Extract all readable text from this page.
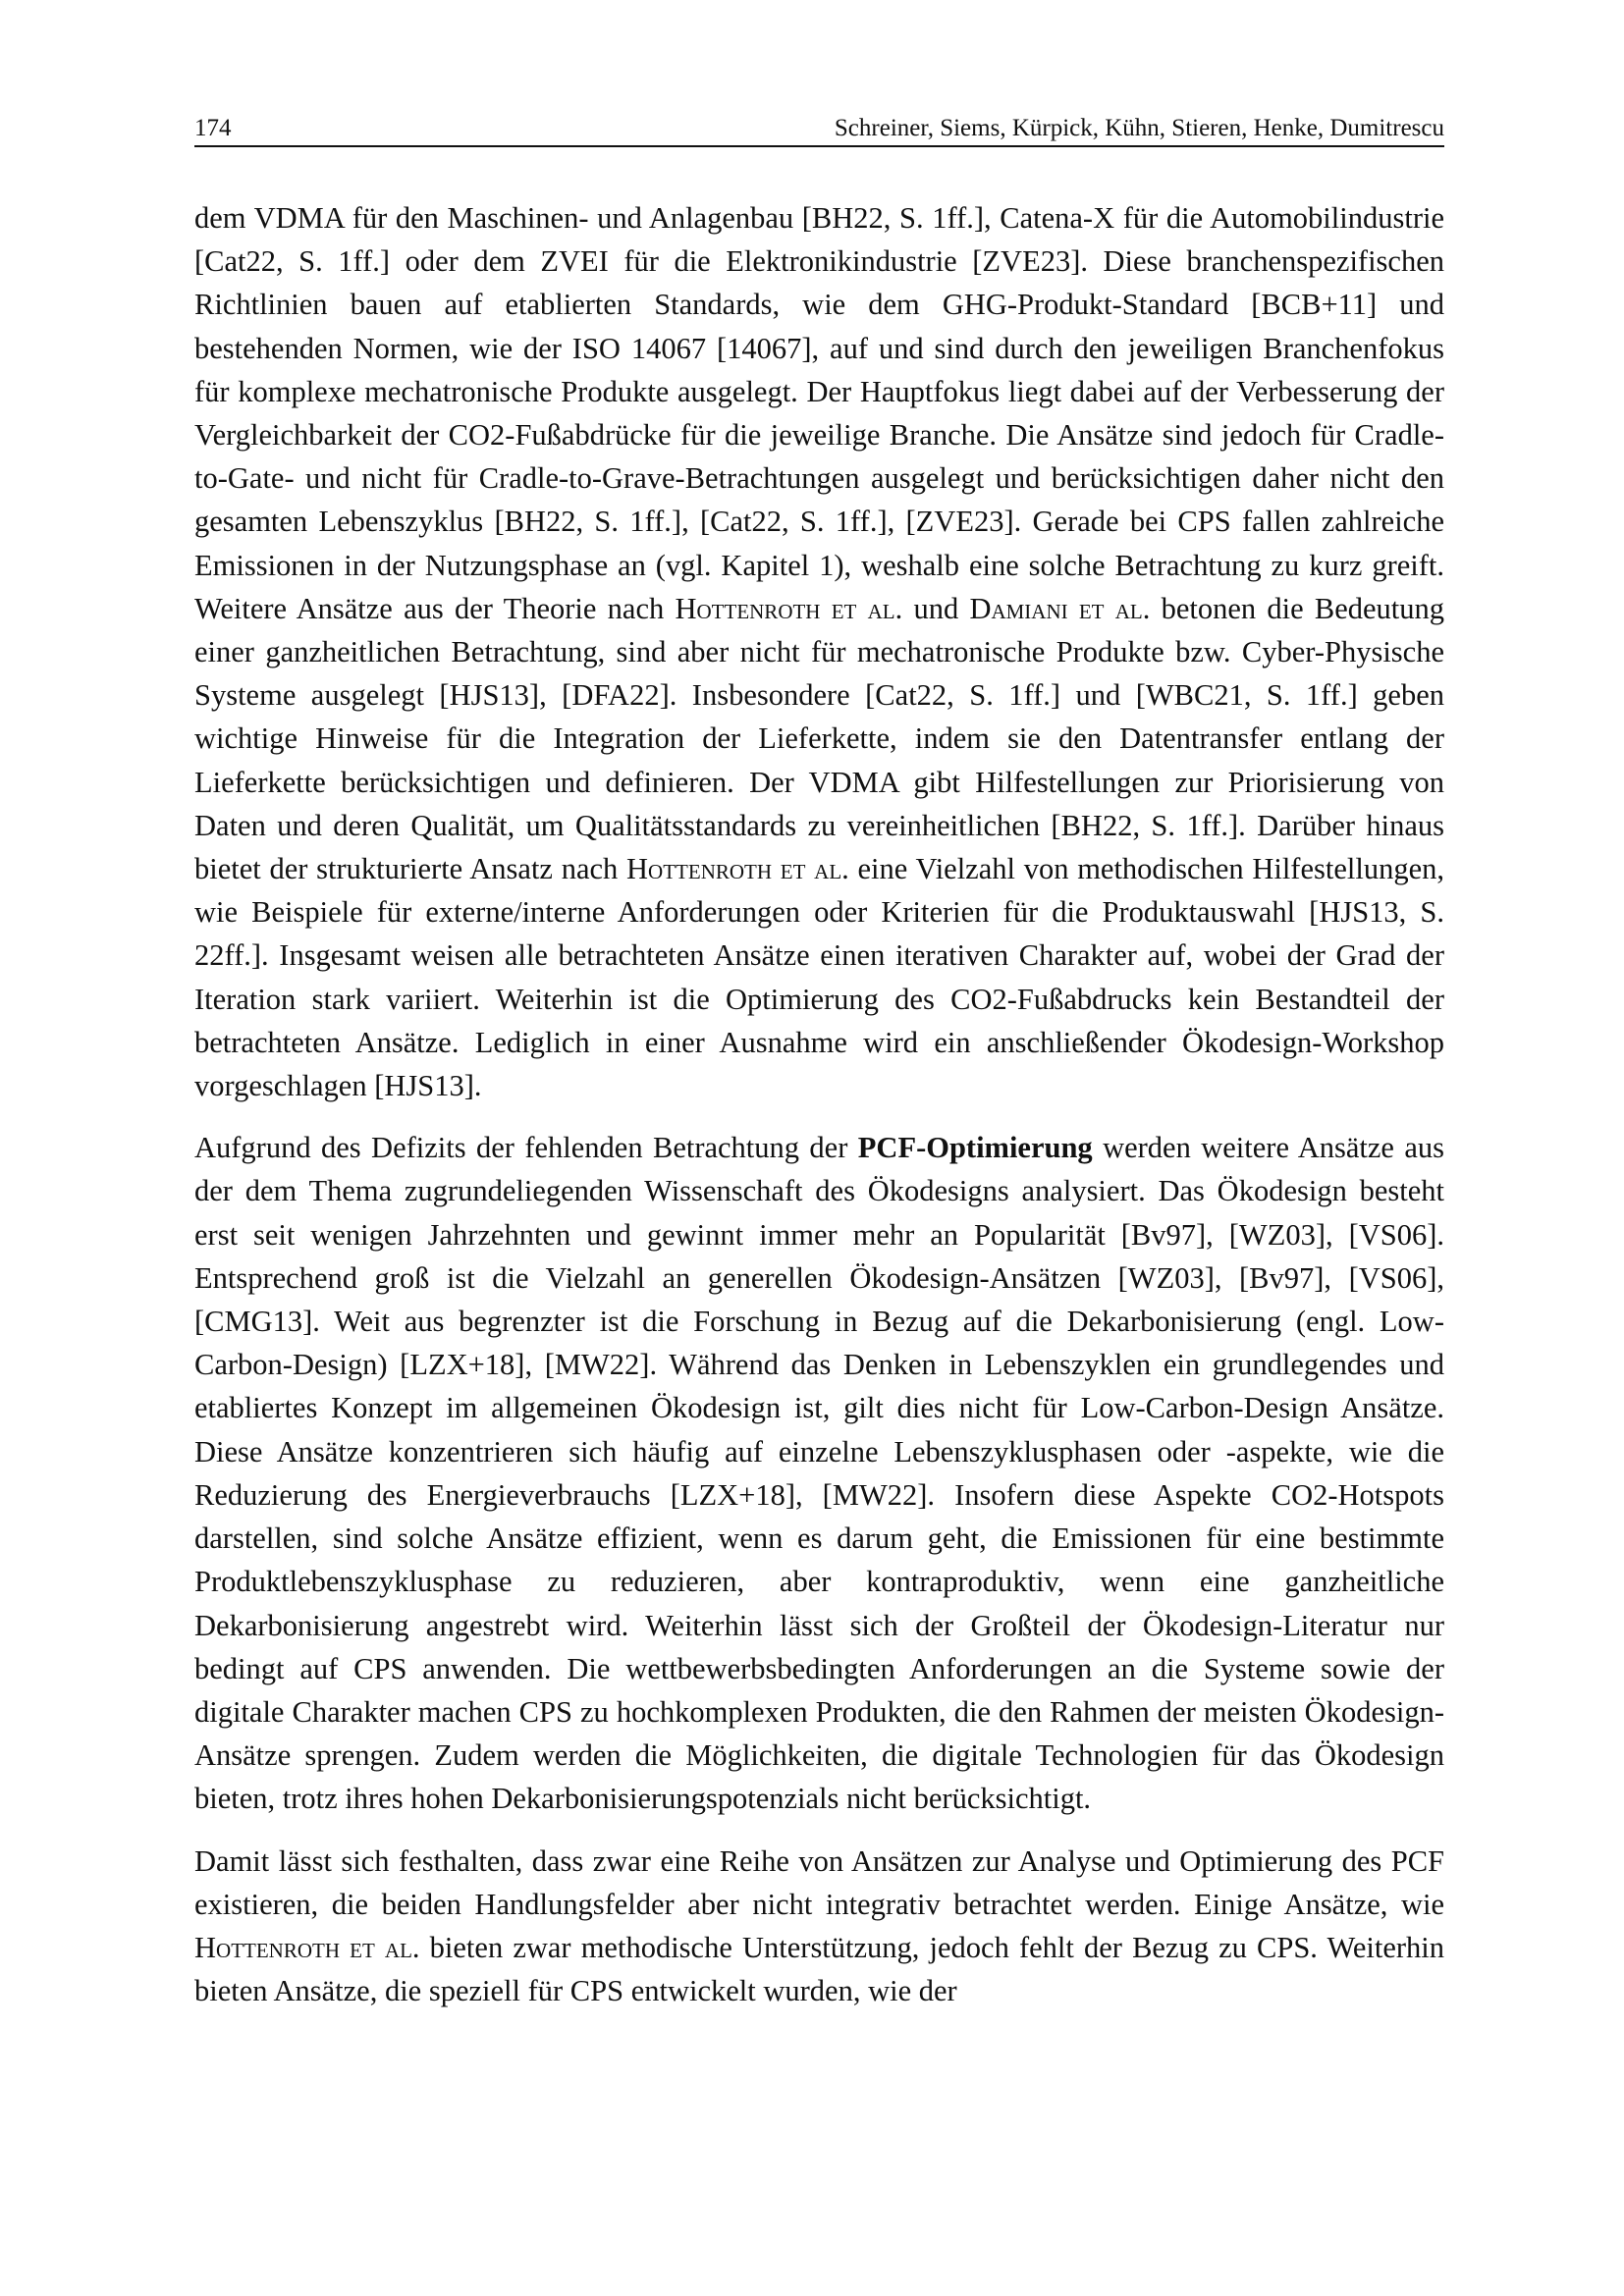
174	Schreiner, Siems, Kürpick, Kühn, Stieren, Henke, Dumitrescu

dem VDMA für den Maschinen- und Anlagenbau [BH22, S. 1ff.], Catena-X für die Automobilindustrie [Cat22, S. 1ff.] oder dem ZVEI für die Elektronikindustrie [ZVE23]. Diese branchenspezifischen Richtlinien bauen auf etablierten Standards, wie dem GHG-Produkt-Standard [BCB+11] und bestehenden Normen, wie der ISO 14067 [14067], auf und sind durch den jeweiligen Branchenfokus für komplexe mechatronische Produkte ausgelegt. Der Hauptfokus liegt dabei auf der Verbesserung der Vergleichbarkeit der CO2-Fußabdrücke für die jeweilige Branche. Die Ansätze sind jedoch für Cradle-to-Gate- und nicht für Cradle-to-Grave-Betrachtungen ausgelegt und berücksichtigen daher nicht den gesamten Lebenszyklus [BH22, S. 1ff.], [Cat22, S. 1ff.], [ZVE23]. Gerade bei CPS fallen zahlreiche Emissionen in der Nutzungsphase an (vgl. Kapitel 1), weshalb eine solche Betrachtung zu kurz greift. Weitere Ansätze aus der Theorie nach Hottenroth et al. und Damiani et al. betonen die Bedeutung einer ganzheitlichen Betrachtung, sind aber nicht für mechatronische Produkte bzw. Cyber-Physische Systeme ausgelegt [HJS13], [DFA22]. Insbesondere [Cat22, S. 1ff.] und [WBC21, S. 1ff.] geben wichtige Hinweise für die Integration der Lieferkette, indem sie den Datentransfer entlang der Lieferkette berücksichtigen und definieren. Der VDMA gibt Hilfestellungen zur Priorisierung von Daten und deren Qualität, um Qualitätsstandards zu vereinheitlichen [BH22, S. 1ff.]. Darüber hinaus bietet der strukturierte Ansatz nach Hottenroth et al. eine Vielzahl von methodischen Hilfestellungen, wie Beispiele für externe/interne Anforderungen oder Kriterien für die Produktauswahl [HJS13, S. 22ff.]. Insgesamt weisen alle betrachteten Ansätze einen iterativen Charakter auf, wobei der Grad der Iteration stark variiert. Weiterhin ist die Optimierung des CO2-Fußabdrucks kein Bestandteil der betrachteten Ansätze. Lediglich in einer Ausnahme wird ein anschließender Ökodesign-Workshop vorgeschlagen [HJS13].

Aufgrund des Defizits der fehlenden Betrachtung der PCF-Optimierung werden weitere Ansätze aus der dem Thema zugrundeliegenden Wissenschaft des Ökodesigns analysiert. Das Ökodesign besteht erst seit wenigen Jahrzehnten und gewinnt immer mehr an Popularität [Bv97], [WZ03], [VS06]. Entsprechend groß ist die Vielzahl an generellen Ökodesign-Ansätzen [WZ03], [Bv97], [VS06], [CMG13]. Weit aus begrenzter ist die Forschung in Bezug auf die Dekarbonisierung (engl. Low-Carbon-Design) [LZX+18], [MW22]. Während das Denken in Lebenszyklen ein grundlegendes und etabliertes Konzept im allgemeinen Ökodesign ist, gilt dies nicht für Low-Carbon-Design Ansätze. Diese Ansätze konzentrieren sich häufig auf einzelne Lebenszyklusphasen oder -aspekte, wie die Reduzierung des Energieverbrauchs [LZX+18], [MW22]. Insofern diese Aspekte CO2-Hotspots darstellen, sind solche Ansätze effizient, wenn es darum geht, die Emissionen für eine bestimmte Produktlebenszyklusphase zu reduzieren, aber kontraproduktiv, wenn eine ganzheitliche Dekarbonisierung angestrebt wird. Weiterhin lässt sich der Großteil der Ökodesign-Literatur nur bedingt auf CPS anwenden. Die wettbewerbsbedingten Anforderungen an die Systeme sowie der digitale Charakter machen CPS zu hochkomplexen Produkten, die den Rahmen der meisten Ökodesign-Ansätze sprengen. Zudem werden die Möglichkeiten, die digitale Technologien für das Ökodesign bieten, trotz ihres hohen Dekarbonisierungspotenzials nicht berücksichtigt.

Damit lässt sich festhalten, dass zwar eine Reihe von Ansätzen zur Analyse und Optimierung des PCF existieren, die beiden Handlungsfelder aber nicht integrativ betrachtet werden. Einige Ansätze, wie Hottenroth et al. bieten zwar methodische Unterstützung, jedoch fehlt der Bezug zu CPS. Weiterhin bieten Ansätze, die speziell für CPS entwickelt wurden, wie der
